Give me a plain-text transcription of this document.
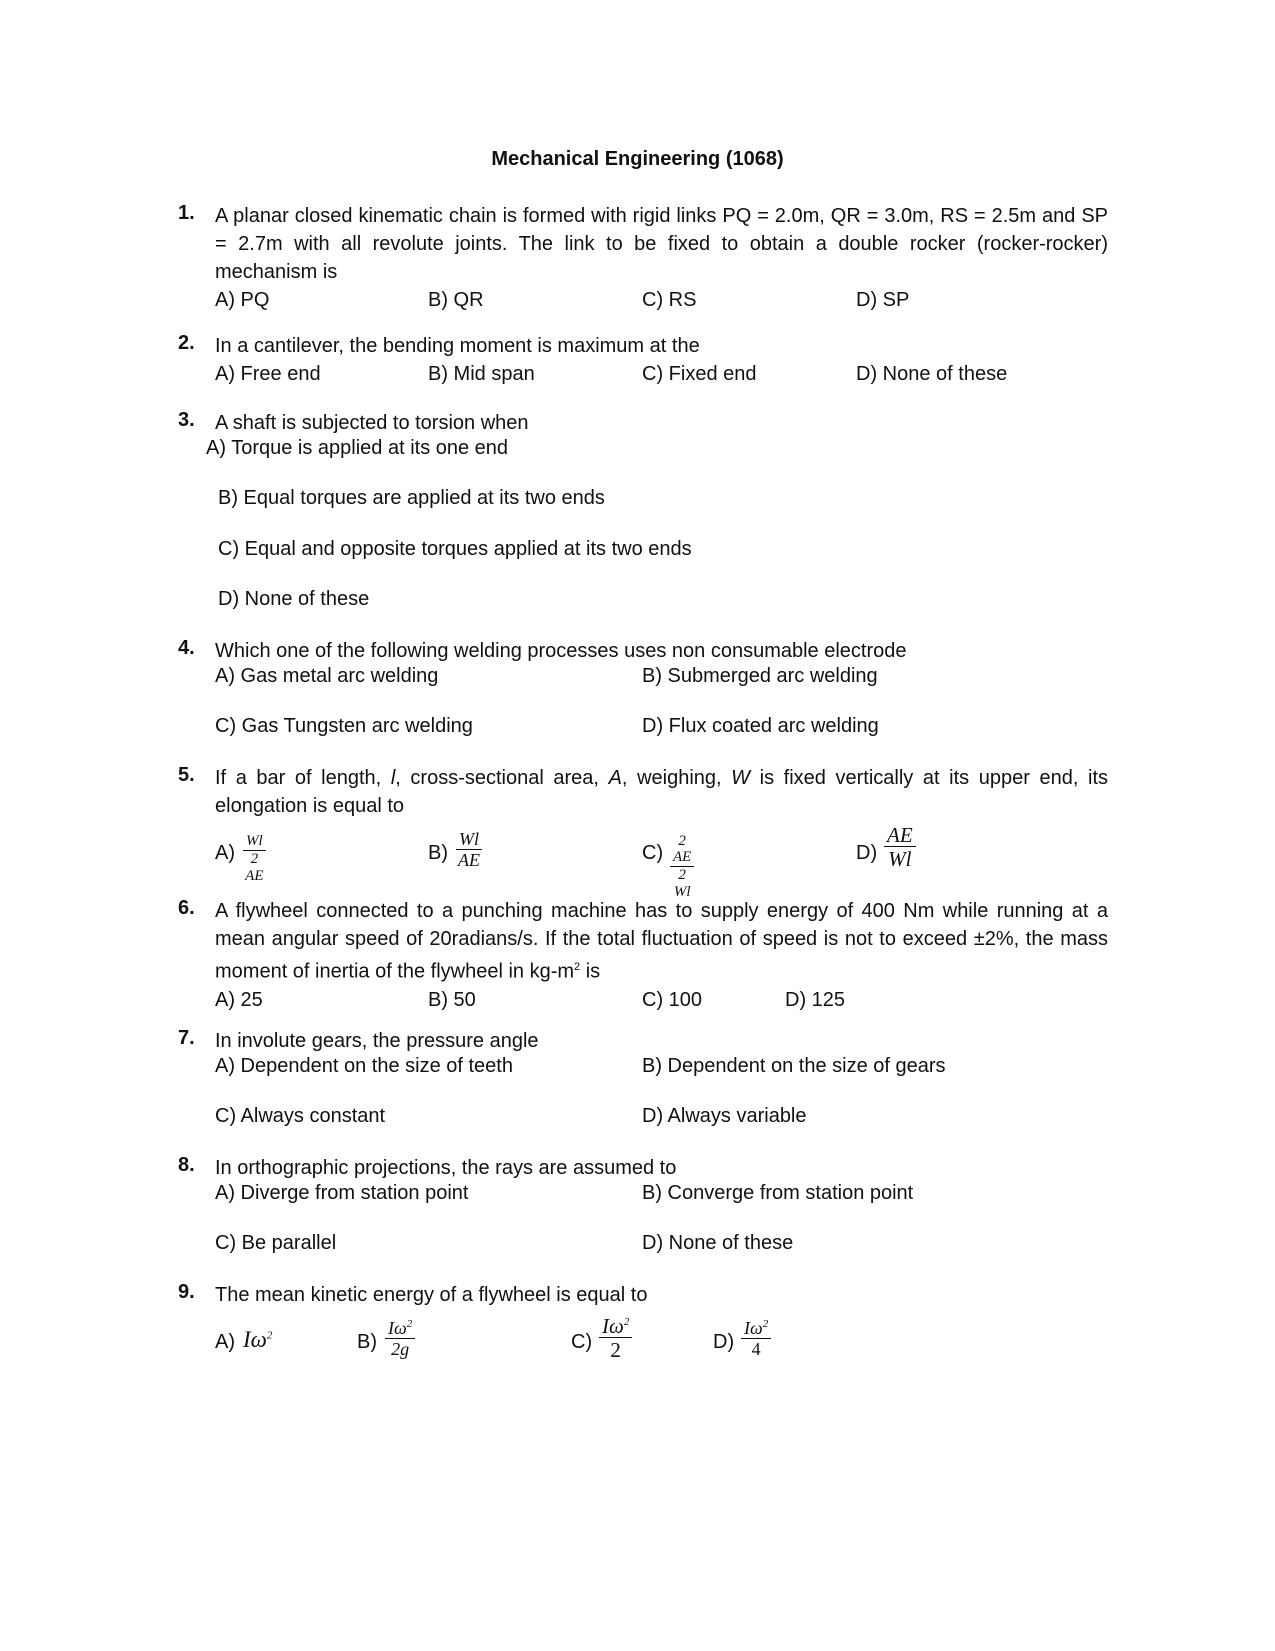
Mechanical Engineering (1068)
1.	A planar closed kinematic chain is formed with rigid links PQ = 2.0m, QR = 3.0m, RS = 2.5m and SP = 2.7m with all revolute joints. The link to be fixed to obtain a double rocker (rocker-rocker) mechanism is
A) PQ	B) QR	C) RS	D) SP
2.	In a cantilever, the bending moment is maximum at the
A) Free end	B) Mid span	C) Fixed end	D) None of these
3.	A shaft is subjected to torsion when
A) Torque is applied at its one end
B) Equal torques are applied at its two ends
C) Equal and opposite torques applied at its two ends
D) None of these
4.	Which one of the following welding processes uses non consumable electrode
A) Gas metal arc welding	B) Submerged arc welding
C) Gas Tungsten arc welding	D) Flux coated arc welding
5.	If a bar of length, l, cross-sectional area, A, weighing, W is fixed vertically at its upper end, its elongation is equal to
$A) \frac{Wl}{2 AE}$	$B) \frac{Wl}{AE}$	$C) \frac{2 AE}{2 Wl}$	$D) \frac{AE}{Wl}$
6.	A flywheel connected to a punching machine has to supply energy of 400 Nm while running at a mean angular speed of 20radians/s. If the total fluctuation of speed is not to exceed ±2%, the mass moment of inertia of the flywheel in $kg-m^2$ is
A) 25	B) 50	C) 100	D) 125
7.	In involute gears, the pressure angle
A) Dependent on the size of teeth	B) Dependent on the size of gears
C) Always constant	D) Always variable
8.	In orthographic projections, the rays are assumed to
A) Diverge from station point	B) Converge from station point
C) Be parallel	D) None of these
9.	The mean kinetic energy of a flywheel is equal to
A) $I\omega^2$	$B) \frac{I\omega^2}{2g}$	$C) \frac{I\omega^2}{2}$	$D) \frac{I\omega^2}{4}$
